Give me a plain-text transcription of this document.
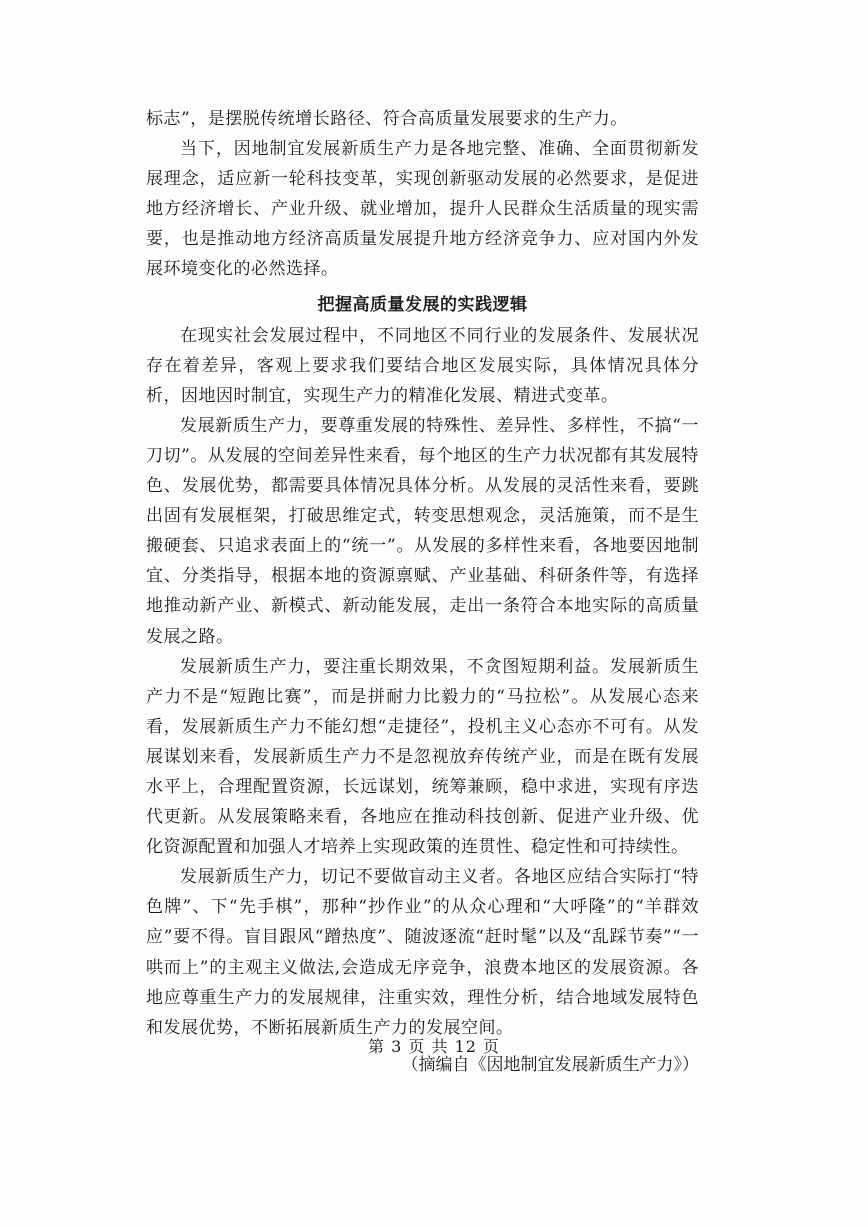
标志”，是摆脱传统增长路径、符合高质量发展要求的生产力。

当下，因地制宜发展新质生产力是各地完整、准确、全面贯彻新发展理念，适应新一轮科技变革，实现创新驱动发展的必然要求，是促进地方经济增长、产业升级、就业增加，提升人民群众生活质量的现实需要，也是推动地方经济高质量发展提升地方经济竞争力、应对国内外发展环境变化的必然选择。

把握高质量发展的实践逻辑

在现实社会发展过程中，不同地区不同行业的发展条件、发展状况存在着差异，客观上要求我们要结合地区发展实际，具体情况具体分析，因地因时制宜，实现生产力的精准化发展、精进式变革。

发展新质生产力，要尊重发展的特殊性、差异性、多样性，不搞“一刀切”。从发展的空间差异性来看，每个地区的生产力状况都有其发展特色、发展优势，都需要具体情况具体分析。从发展的灵活性来看，要跳出固有发展框架，打破思维定式，转变思想观念，灵活施策，而不是生搬硬套、只追求表面上的“统一”。从发展的多样性来看，各地要因地制宜、分类指导，根据本地的资源禀赋、产业基础、科研条件等，有选择地推动新产业、新模式、新动能发展，走出一条符合本地实际的高质量发展之路。

发展新质生产力，要注重长期效果，不贪图短期利益。发展新质生产力不是“短跑比赛”，而是拼耐力比毅力的“马拉松”。从发展心态来看，发展新质生产力不能幻想“走捷径”，投机主义心态亦不可有。从发展谋划来看，发展新质生产力不是忽视放弃传统产业，而是在既有发展水平上，合理配置资源，长远谋划，统筹兼顾，稳中求进，实现有序迭代更新。从发展策略来看，各地应在推动科技创新、促进产业升级、优化资源配置和加强人才培养上实现政策的连贯性、稳定性和可持续性。

发展新质生产力，切记不要做盲动主义者。各地区应结合实际打“特色牌”、下“先手棋”，那种“抄作业”的从众心理和“大呼隆”的“羊群效应”要不得。盲目跟风“蹭热度”、随波逐流“赶时髦”以及“乱踩节奏”“一哄而上”的主观主义做法,会造成无序竞争，浪费本地区的发展资源。各地应尊重生产力的发展规律，注重实效，理性分析，结合地域发展特色和发展优势，不断拓展新质生产力的发展空间。

（摘编自《因地制宜发展新质生产力》）

第 3 页 共 12 页
